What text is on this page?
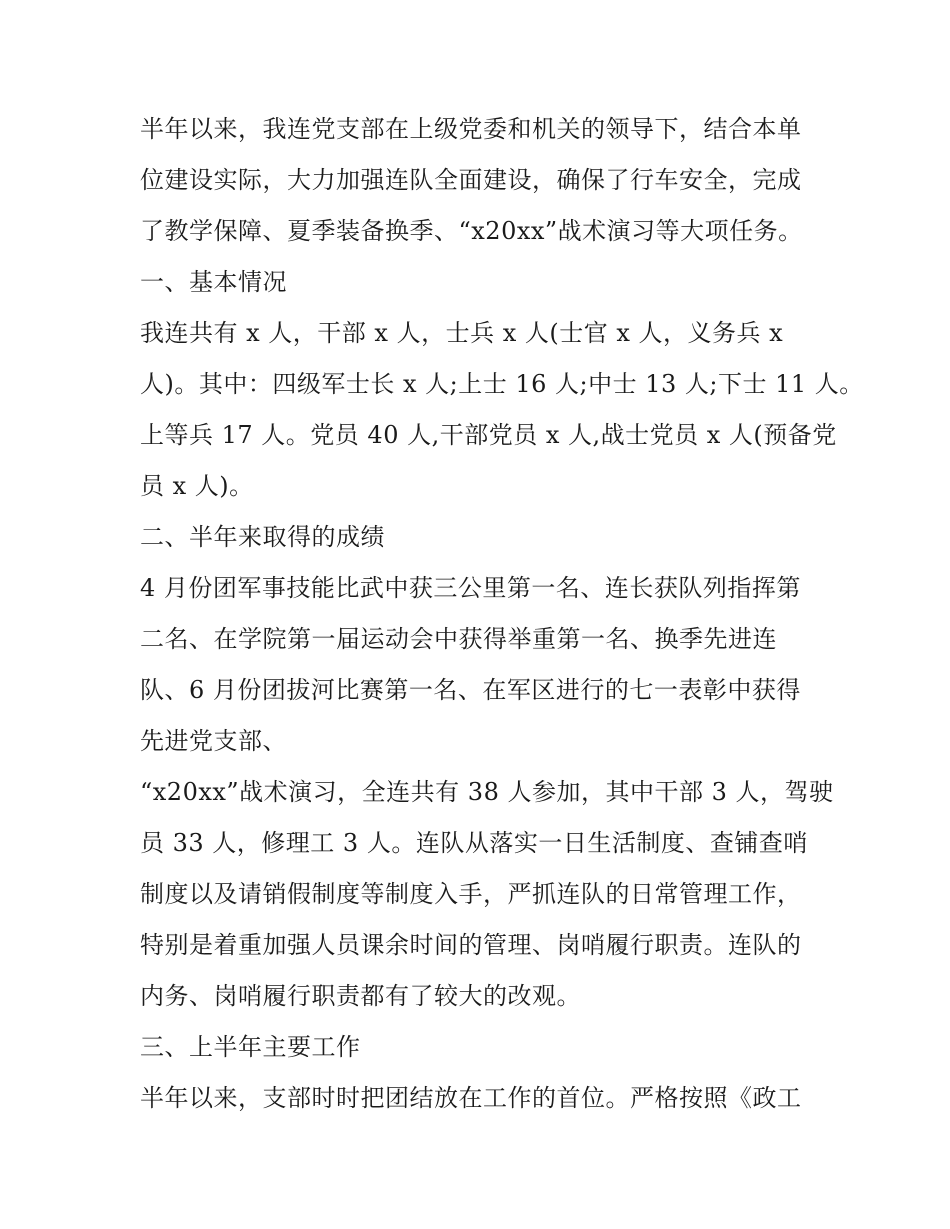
半年以来，我连党支部在上级党委和机关的领导下，结合本单
位建设实际，大力加强连队全面建设，确保了行车安全，完成
了教学保障、夏季装备换季、“x20xx”战术演习等大项任务。
一、基本情况
我连共有 x 人，干部 x 人，士兵 x 人(士官 x 人，义务兵 x
人)。其中：四级军士长 x 人;上士 16 人;中士 13 人;下士 11 人。
上等兵 17 人。党员 40 人,干部党员 x 人,战士党员 x 人(预备党
员 x 人)。
二、半年来取得的成绩
4 月份团军事技能比武中获三公里第一名、连长获队列指挥第
二名、在学院第一届运动会中获得举重第一名、换季先进连
队、6 月份团拔河比赛第一名、在军区进行的七一表彰中获得
先进党支部、
“x20xx”战术演习，全连共有 38 人参加，其中干部 3 人，驾驶
员 33 人，修理工 3 人。连队从落实一日生活制度、查铺查哨
制度以及请销假制度等制度入手，严抓连队的日常管理工作，
特别是着重加强人员课余时间的管理、岗哨履行职责。连队的
内务、岗哨履行职责都有了较大的改观。
三、上半年主要工作
半年以来，支部时时把团结放在工作的首位。严格按照《政工
